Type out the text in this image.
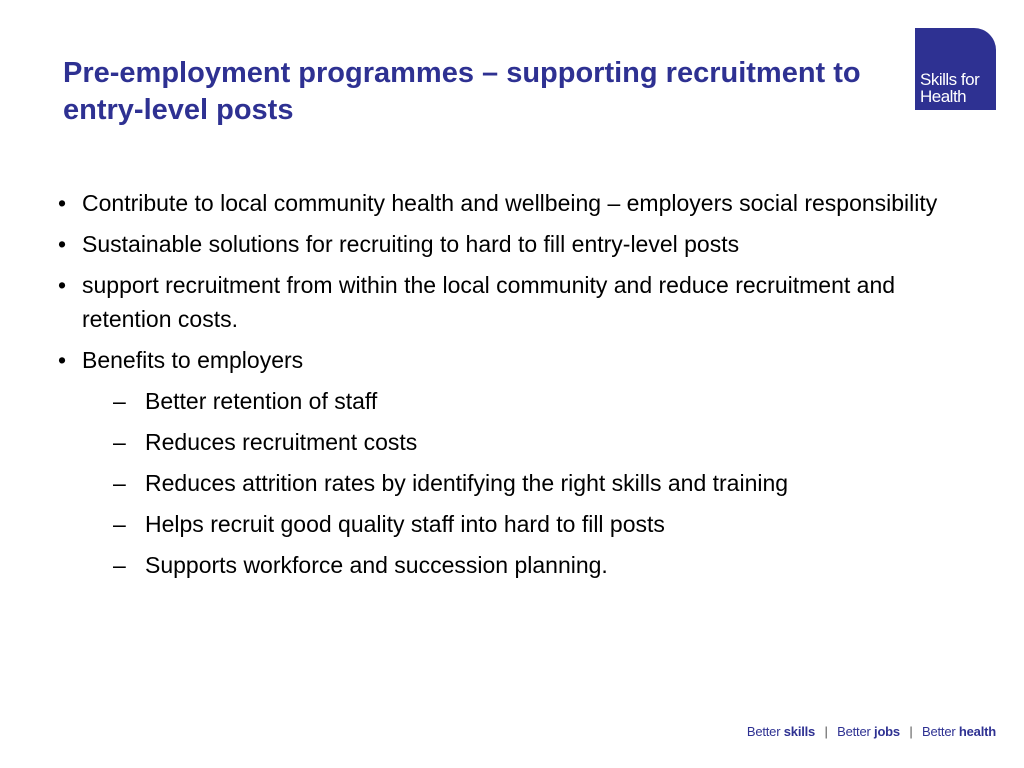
Pre-employment programmes – supporting recruitment to entry-level posts
Skills for
Health
• Contribute to local community health and wellbeing – employers social responsibility
• Sustainable solutions for recruiting to hard to fill entry-level posts
• support recruitment from within the local community and reduce recruitment and retention costs.
• Benefits to employers
– Better retention of staff
– Reduces recruitment costs
– Reduces attrition rates by identifying the right skills and training
– Helps recruit good quality staff into hard to fill posts
– Supports workforce and succession planning.
Better skills | Better jobs | Better health
